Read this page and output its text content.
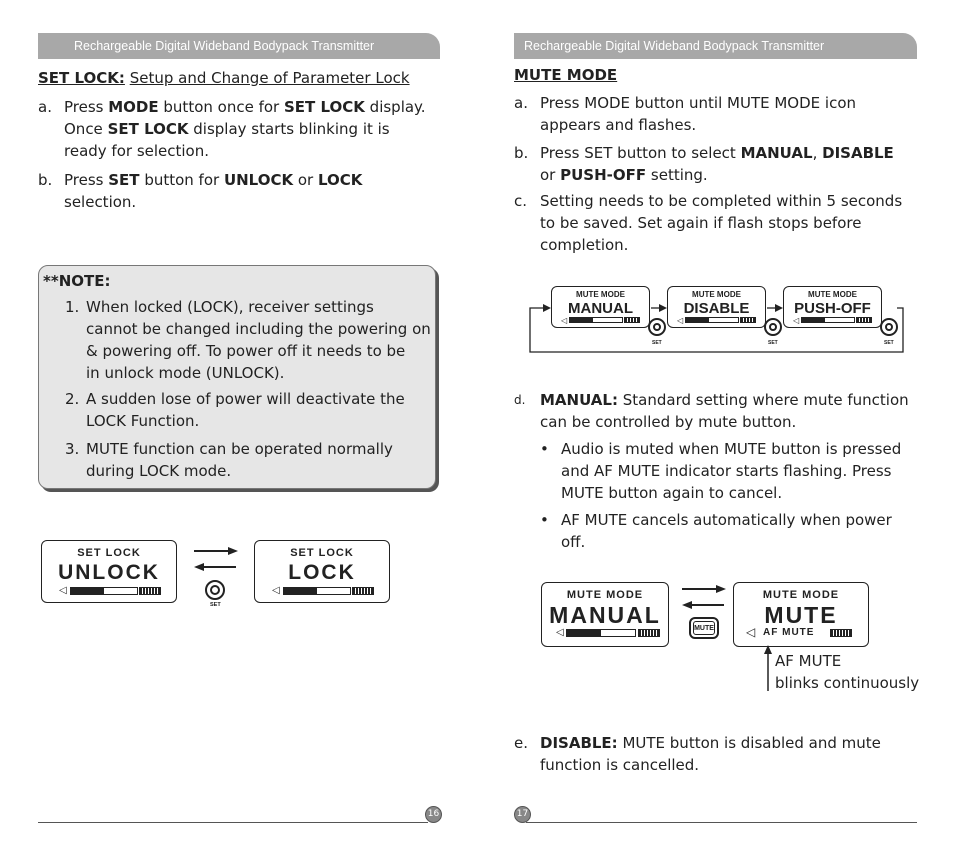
Rechargeable Digital Wideband Bodypack Transmitter
SET LOCK: Setup and Change of Parameter Lock
a. Press MODE button once for SET LOCK display.
Once SET LOCK display starts blinking it is
ready for selection.
b. Press SET button for UNLOCK or LOCK
selection.
**NOTE:
1. When locked (LOCK), receiver settings
cannot be changed including the powering on
& powering off. To power off it needs to be
in unlock mode (UNLOCK).
2. A sudden lose of power will deactivate the
LOCK Function.
3. MUTE function can be operated normally
during LOCK mode.
SET LOCK
UNLOCK
◁
SET
SET LOCK
LOCK
◁
16
Rechargeable Digital Wideband Bodypack Transmitter
MUTE MODE
a. Press MODE button until MUTE MODE icon
appears and flashes.
b. Press SET button to select MANUAL, DISABLE
or PUSH-OFF setting.
c. Setting needs to be completed within 5 seconds
to be saved. Set again if flash stops before
completion.
MUTE MODE
MANUAL
◁
SET
MUTE MODE
DISABLE
◁
SET
MUTE MODE
PUSH-OFF
◁
SET
d. MANUAL: Standard setting where mute function
can be controlled by mute button.
• Audio is muted when MUTE button is pressed
and AF MUTE indicator starts flashing. Press
MUTE button again to cancel.
• AF MUTE cancels automatically when power
off.
MUTE MODE
MANUAL
◁	MUTE
MUTE MODE
MUTE
◁ AF MUTE
AF MUTE
blinks continuously
e. DISABLE: MUTE button is disabled and mute
function is cancelled.
17
